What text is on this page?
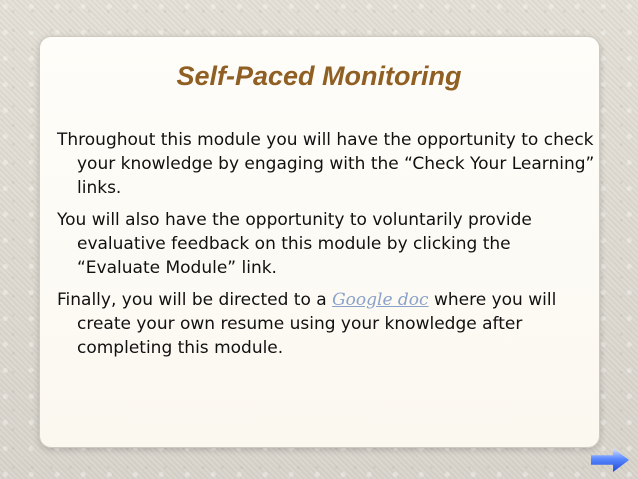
Self-Paced Monitoring

Throughout this module you will have the opportunity to check your knowledge by engaging with the “Check Your Learning” links.

You will also have the opportunity to voluntarily provide evaluative feedback on this module by clicking the “Evaluate Module” link.

Finally, you will be directed to a Google doc where you will create your own resume using your knowledge after completing this module.
